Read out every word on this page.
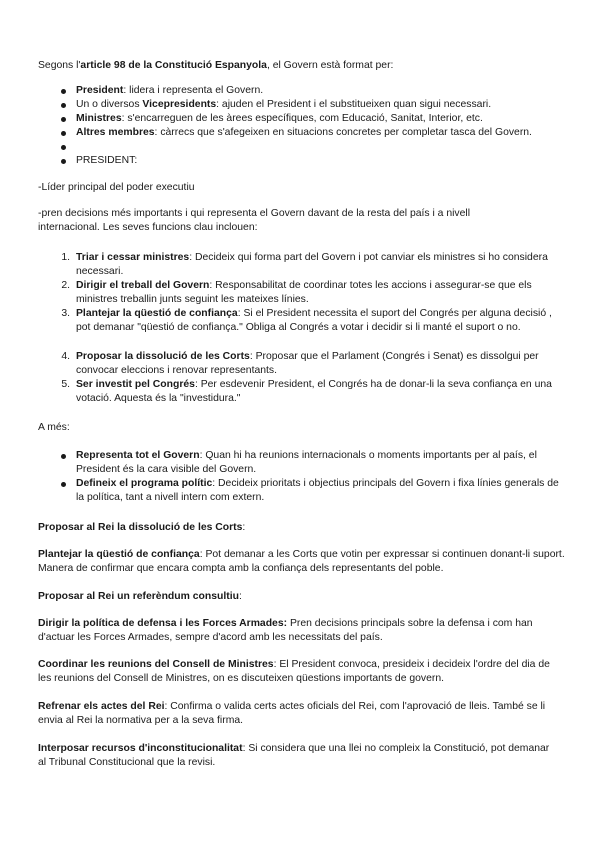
Segons l'article 98 de la Constitució Espanyola, el Govern està format per:
President: lidera i representa el Govern.
Un o diversos Vicepresidents: ajuden el President i el substitueixen quan sigui necessari.
Ministres: s'encarreguen de les àrees específiques, com Educació, Sanitat, Interior, etc.
Altres membres: càrrecs que s'afegeixen en situacions concretes per completar tasca del Govern.
PRESIDENT:
-Líder principal del poder executiu
-pren decisions més importants i qui representa el Govern davant de la resta del país i a nivell internacional. Les seves funcions clau inclouen:
1. Triar i cessar ministres: Decideix qui forma part del Govern i pot canviar els ministres si ho considera necessari.
2. Dirigir el treball del Govern: Responsabilitat de coordinar totes les accions i assegurar-se que els ministres treballin junts seguint les mateixes línies.
3. Plantejar la qüestió de confiança: Si el President necessita el suport del Congrés per alguna decisió , pot demanar "qüestió de confiança." Obliga al Congrés a votar i decidir si li manté el suport o no.
4. Proposar la dissolució de les Corts: Proposar que el Parlament (Congrés i Senat) es dissolgui per convocar eleccions i renovar representants.
5. Ser investit pel Congrés: Per esdevenir President, el Congrés ha de donar-li la seva confiança en una votació. Aquesta és la "investidura."
A més:
Representa tot el Govern: Quan hi ha reunions internacionals o moments importants per al país, el President és la cara visible del Govern.
Defineix el programa polític: Decideix prioritats i objectius principals del Govern i fixa línies generals de la política, tant a nivell intern com extern.
Proposar al Rei la dissolució de les Corts:
Plantejar la qüestió de confiança: Pot demanar a les Corts que votin per expressar si continuen donant-li suport. Manera de confirmar que encara compta amb la confiança dels representants del poble.
Proposar al Rei un referèndum consultiu:
Dirigir la política de defensa i les Forces Armades: Pren decisions principals sobre la defensa i com han d'actuar les Forces Armades, sempre d'acord amb les necessitats del país.
Coordinar les reunions del Consell de Ministres: El President convoca, presideix i decideix l'ordre del dia de les reunions del Consell de Ministres, on es discuteixen qüestions importants de govern.
Refrenar els actes del Rei: Confirma o valida certs actes oficials del Rei, com l'aprovació de lleis. També se li envia al Rei la normativa per a la seva firma.
Interposar recursos d'inconstitucionalitat: Si considera que una llei no compleix la Constitució, pot demanar al Tribunal Constitucional que la revisi.
